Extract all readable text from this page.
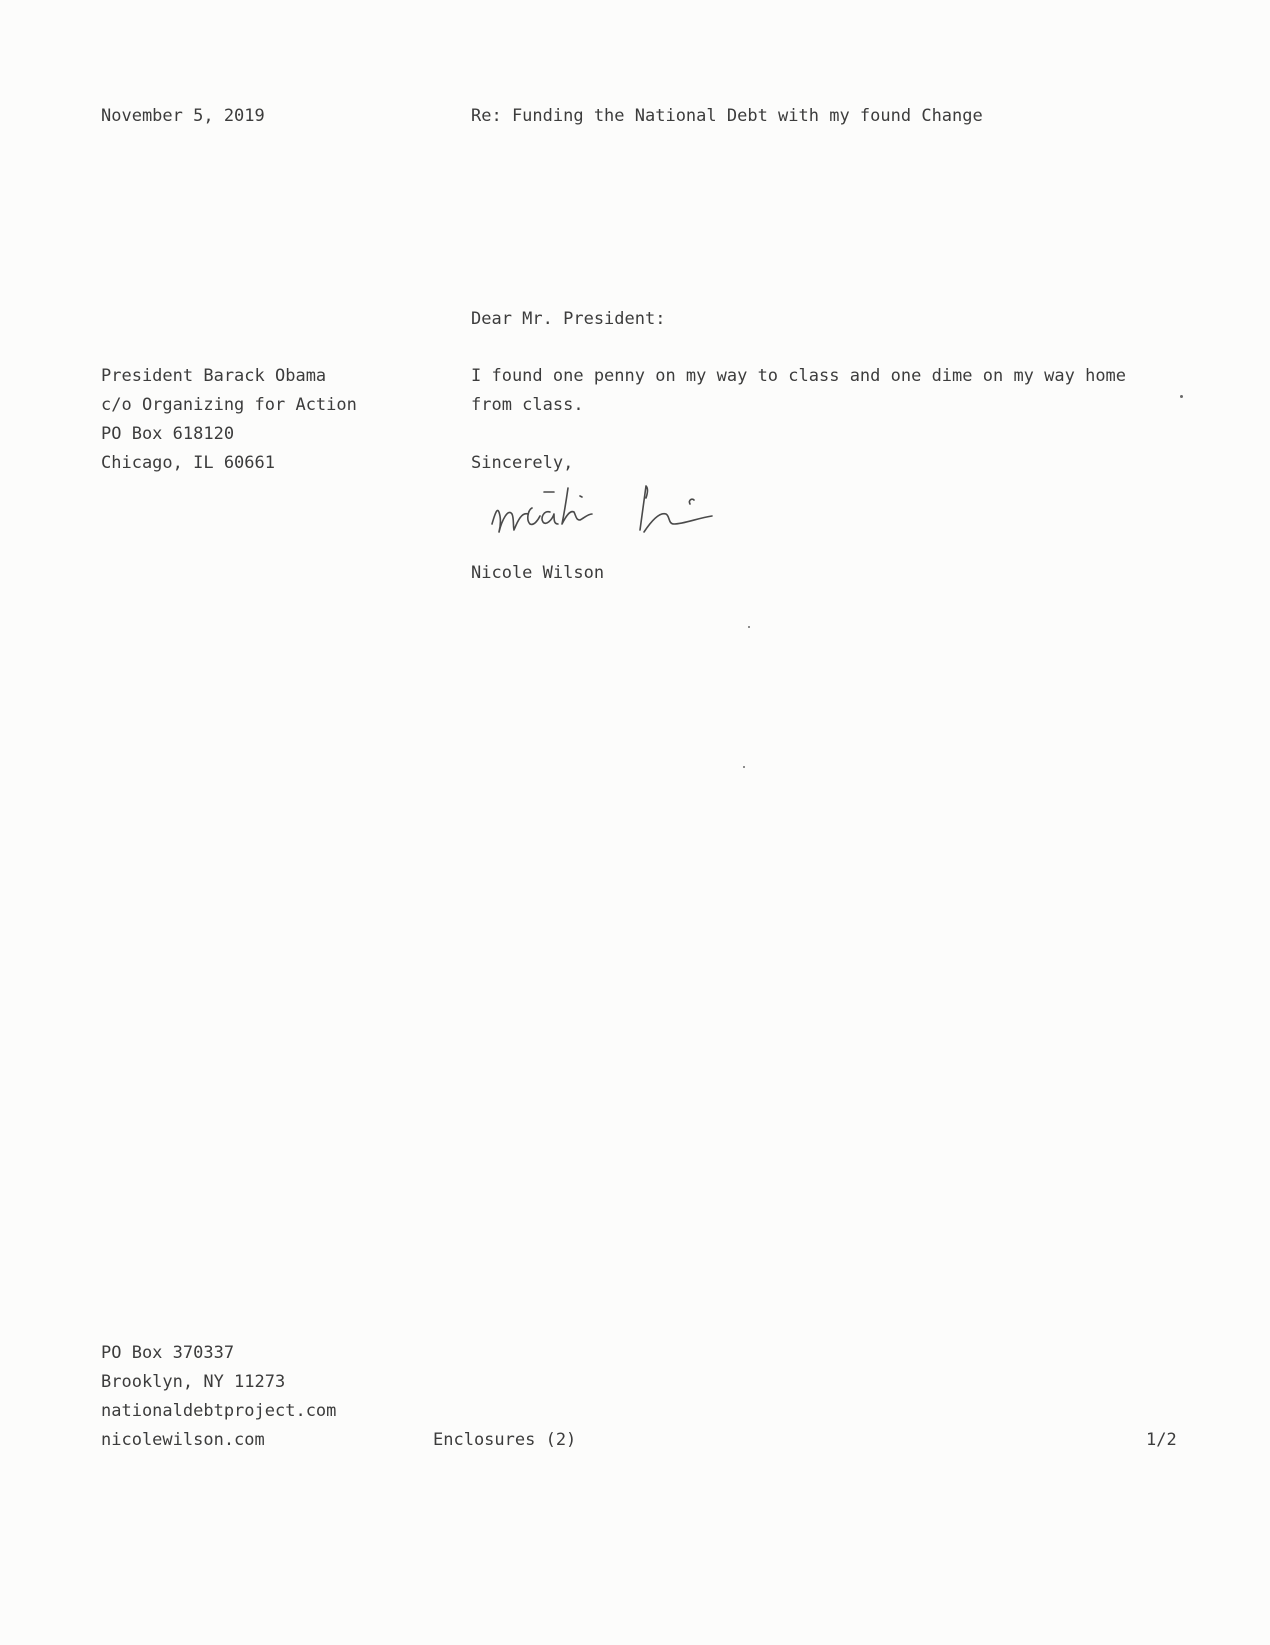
November 5, 2019	Re: Funding the National Debt with my found Change
Dear Mr. President:
President Barack Obama
c/o Organizing for Action
PO Box 618120
Chicago, IL 60661
I found one penny on my way to class and one dime on my way home
from class.
Sincerely,
Nicole Wilson
PO Box 370337
Brooklyn, NY 11273
nationaldebtproject.com
nicolewilson.com	Enclosures (2)	1/2
